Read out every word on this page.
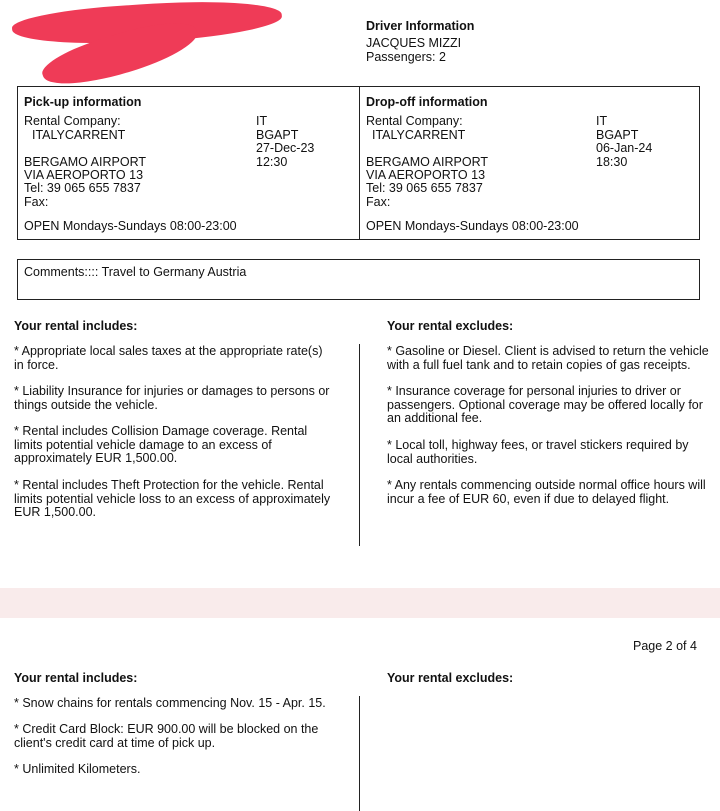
Driver Information
JACQUES MIZZI
Passengers: 2
Pick-up information
Rental Company:
ITALYCARRENT
IT
BGAPT
27-Dec-23
12:30
BERGAMO AIRPORT
VIA AEROPORTO 13
Tel: 39 065 655 7837
Fax:
OPEN Mondays-Sundays 08:00-23:00
Drop-off information
Rental Company:
ITALYCARRENT
IT
BGAPT
06-Jan-24
18:30
BERGAMO AIRPORT
VIA AEROPORTO 13
Tel: 39 065 655 7837
Fax:
OPEN Mondays-Sundays 08:00-23:00
Comments:::: Travel to Germany Austria
Your rental includes:
* Appropriate local sales taxes at the appropriate rate(s) in force.
* Liability Insurance for injuries or damages to persons or things outside the vehicle.
* Rental includes Collision Damage coverage. Rental limits potential vehicle damage to an excess of approximately EUR 1,500.00.
* Rental includes Theft Protection for the vehicle. Rental limits potential vehicle loss to an excess of approximately EUR 1,500.00.
Your rental excludes:
* Gasoline or Diesel. Client is advised to return the vehicle with a full fuel tank and to retain copies of gas receipts.
* Insurance coverage for personal injuries to driver or passengers. Optional coverage may be offered locally for an additional fee.
* Local toll, highway fees, or travel stickers required by local authorities.
* Any rentals commencing outside normal office hours will incur a fee of EUR 60, even if due to delayed flight.
Page 2 of 4
Your rental includes:	Your rental excludes:
* Snow chains for rentals commencing Nov. 15 - Apr. 15.
* Credit Card Block: EUR 900.00 will be blocked on the client's credit card at time of pick up.
* Unlimited Kilometers.
